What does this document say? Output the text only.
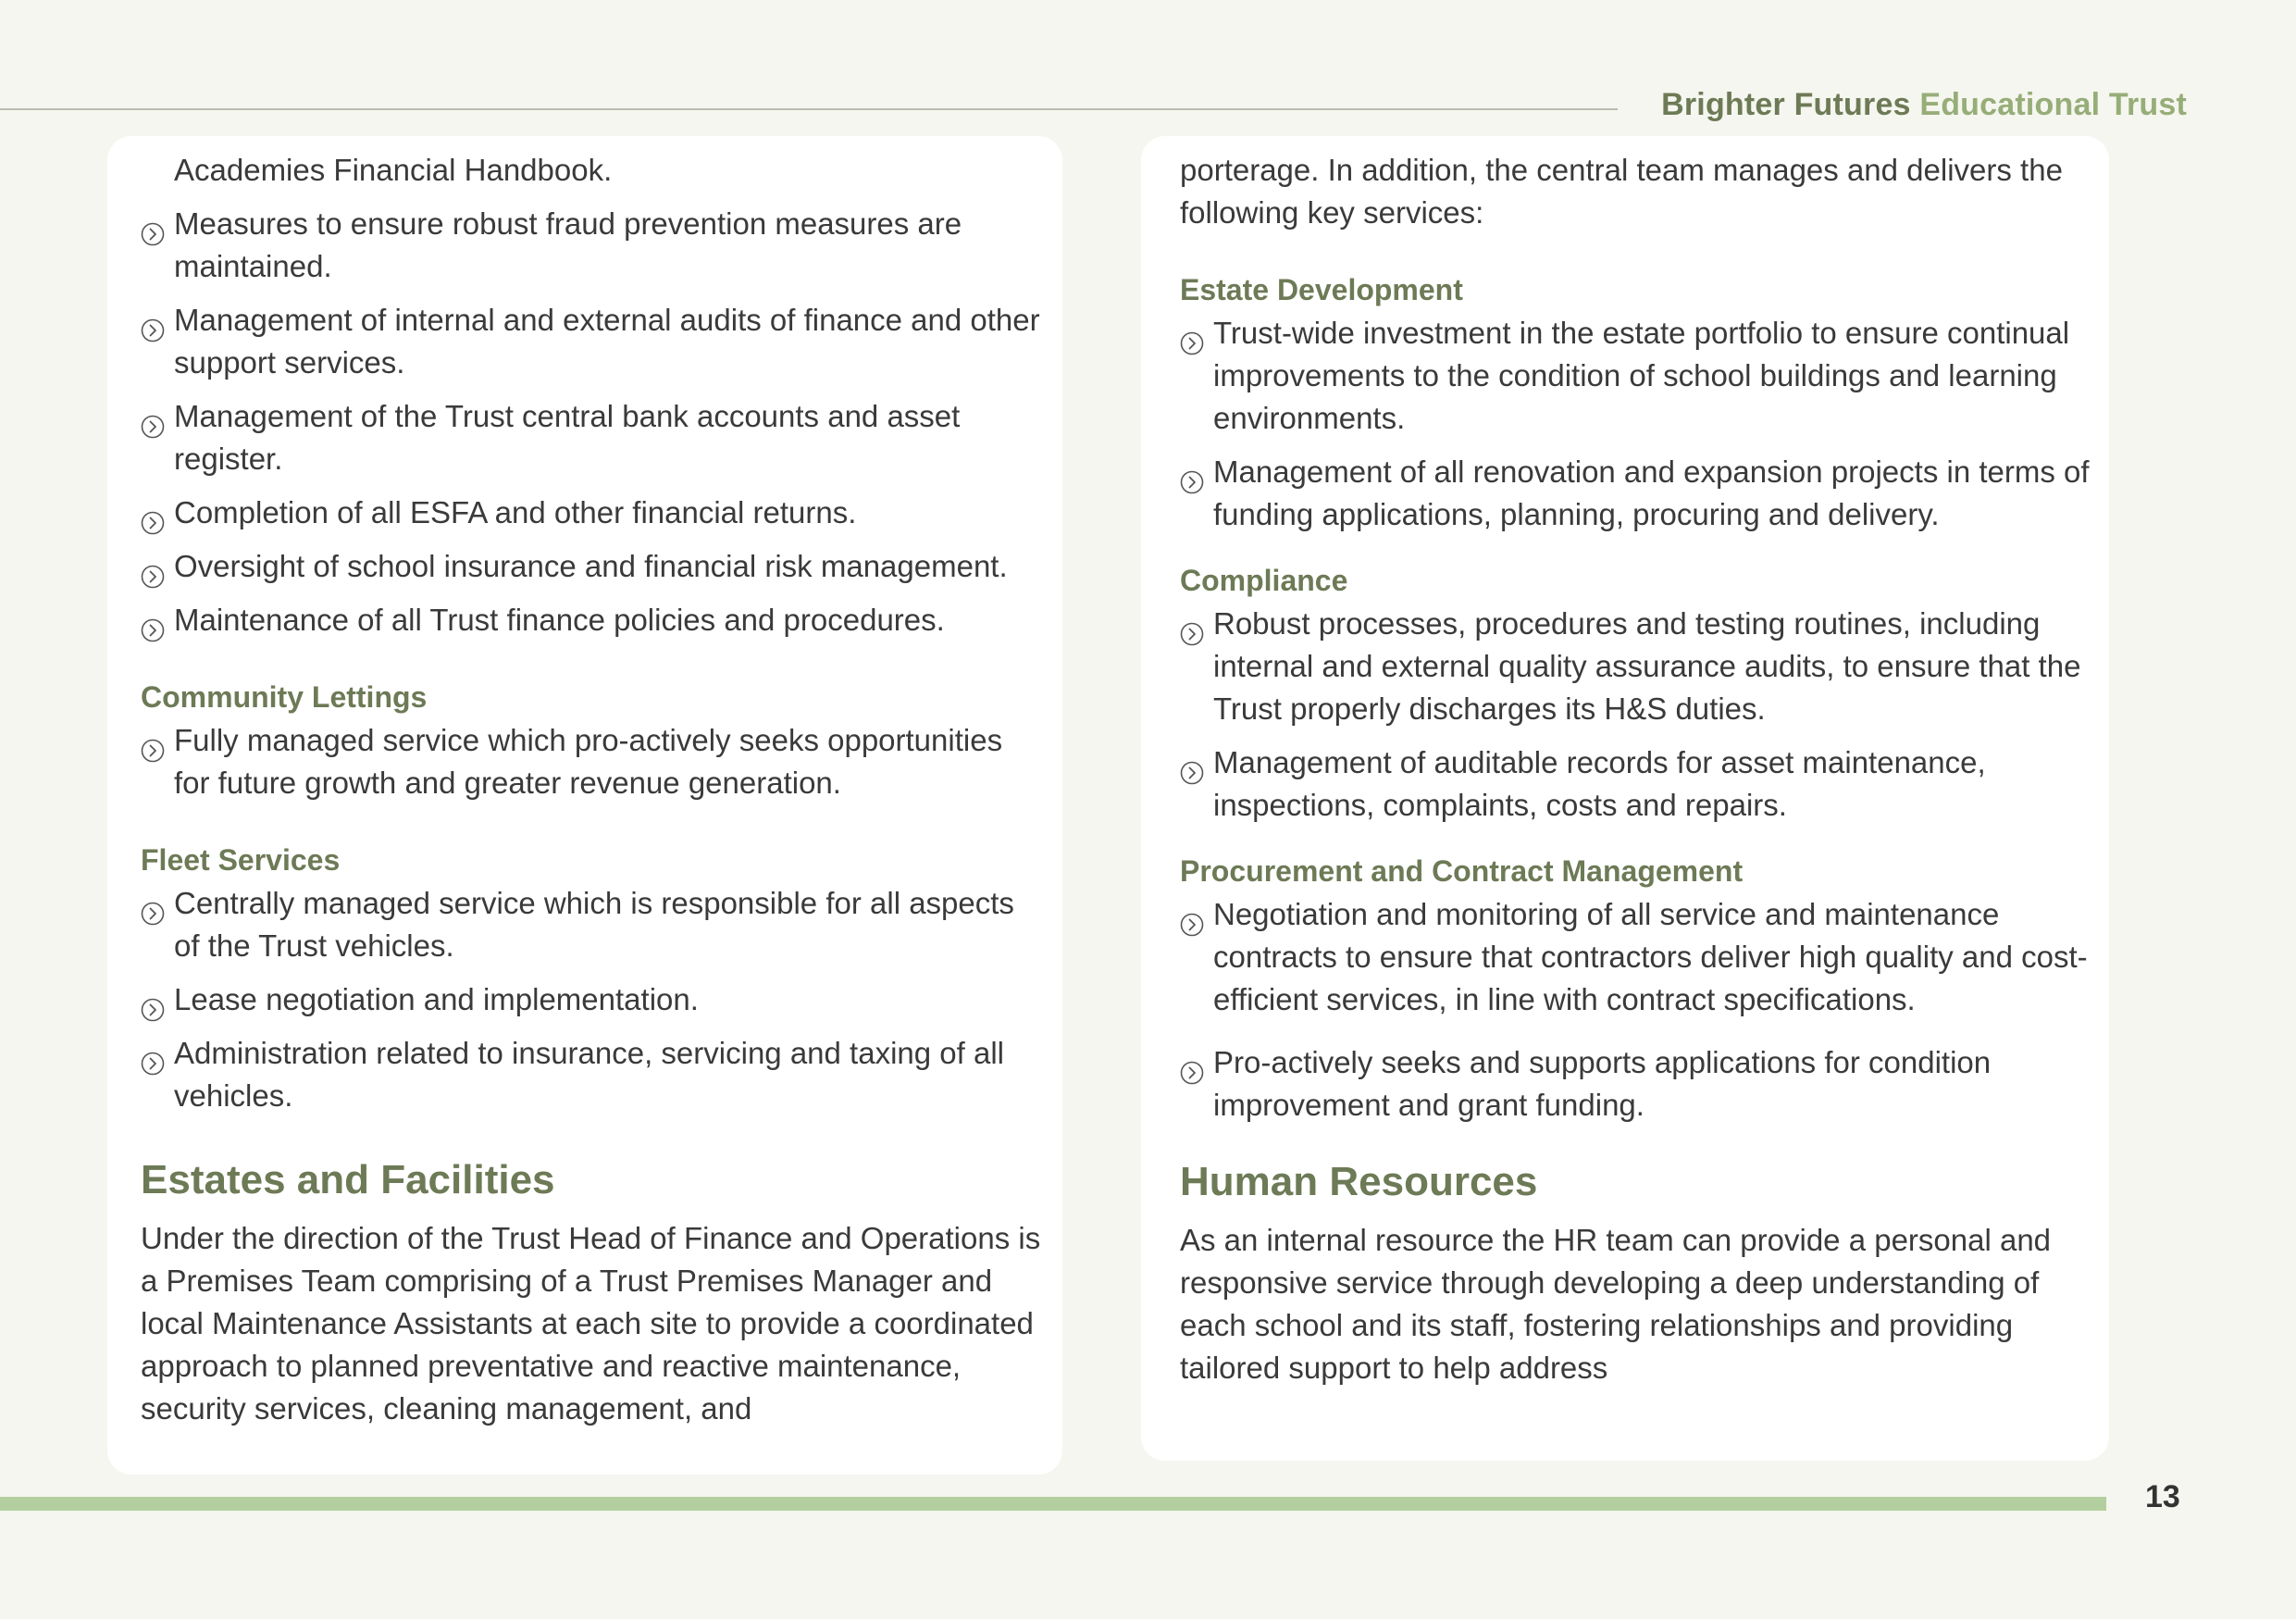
Brighter Futures Educational Trust

Academies Financial Handbook.

Measures to ensure robust fraud prevention measures are maintained.
Management of internal and external audits of finance and other support services.
Management of the Trust central bank accounts and asset register.
Completion of all ESFA and other financial returns.
Oversight of school insurance and financial risk management.
Maintenance of all Trust finance policies and procedures.
Community Lettings
Fully managed service which pro-actively seeks opportunities for future growth and greater revenue generation.
Fleet Services
Centrally managed service which is responsible for all aspects of the Trust vehicles.
Lease negotiation and implementation.
Administration related to insurance, servicing and taxing of all vehicles.
Estates and Facilities

Under the direction of the Trust Head of Finance and Operations is a Premises Team comprising of a Trust Premises Manager and local Maintenance Assistants at each site to provide a coordinated approach to planned preventative and reactive maintenance, security services, cleaning management, and

porterage. In addition, the central team manages and delivers the following key services:

Estate Development
Trust-wide investment in the estate portfolio to ensure continual improvements to the condition of school buildings and learning environments.
Management of all renovation and expansion projects in terms of funding applications, planning, procuring and delivery.
Compliance
Robust processes, procedures and testing routines, including internal and external quality assurance audits, to ensure that the Trust properly discharges its H&S duties.
Management of auditable records for asset maintenance, inspections, complaints, costs and repairs.
Procurement and Contract Management
Negotiation and monitoring of all service and maintenance contracts to ensure that contractors deliver high quality and cost-efficient services, in line with contract specifications.
Pro-actively seeks and supports applications for condition improvement and grant funding.
Human Resources

As an internal resource the HR team can provide a personal and responsive service through developing a deep understanding of each school and its staff, fostering relationships and providing tailored support to help address

13
